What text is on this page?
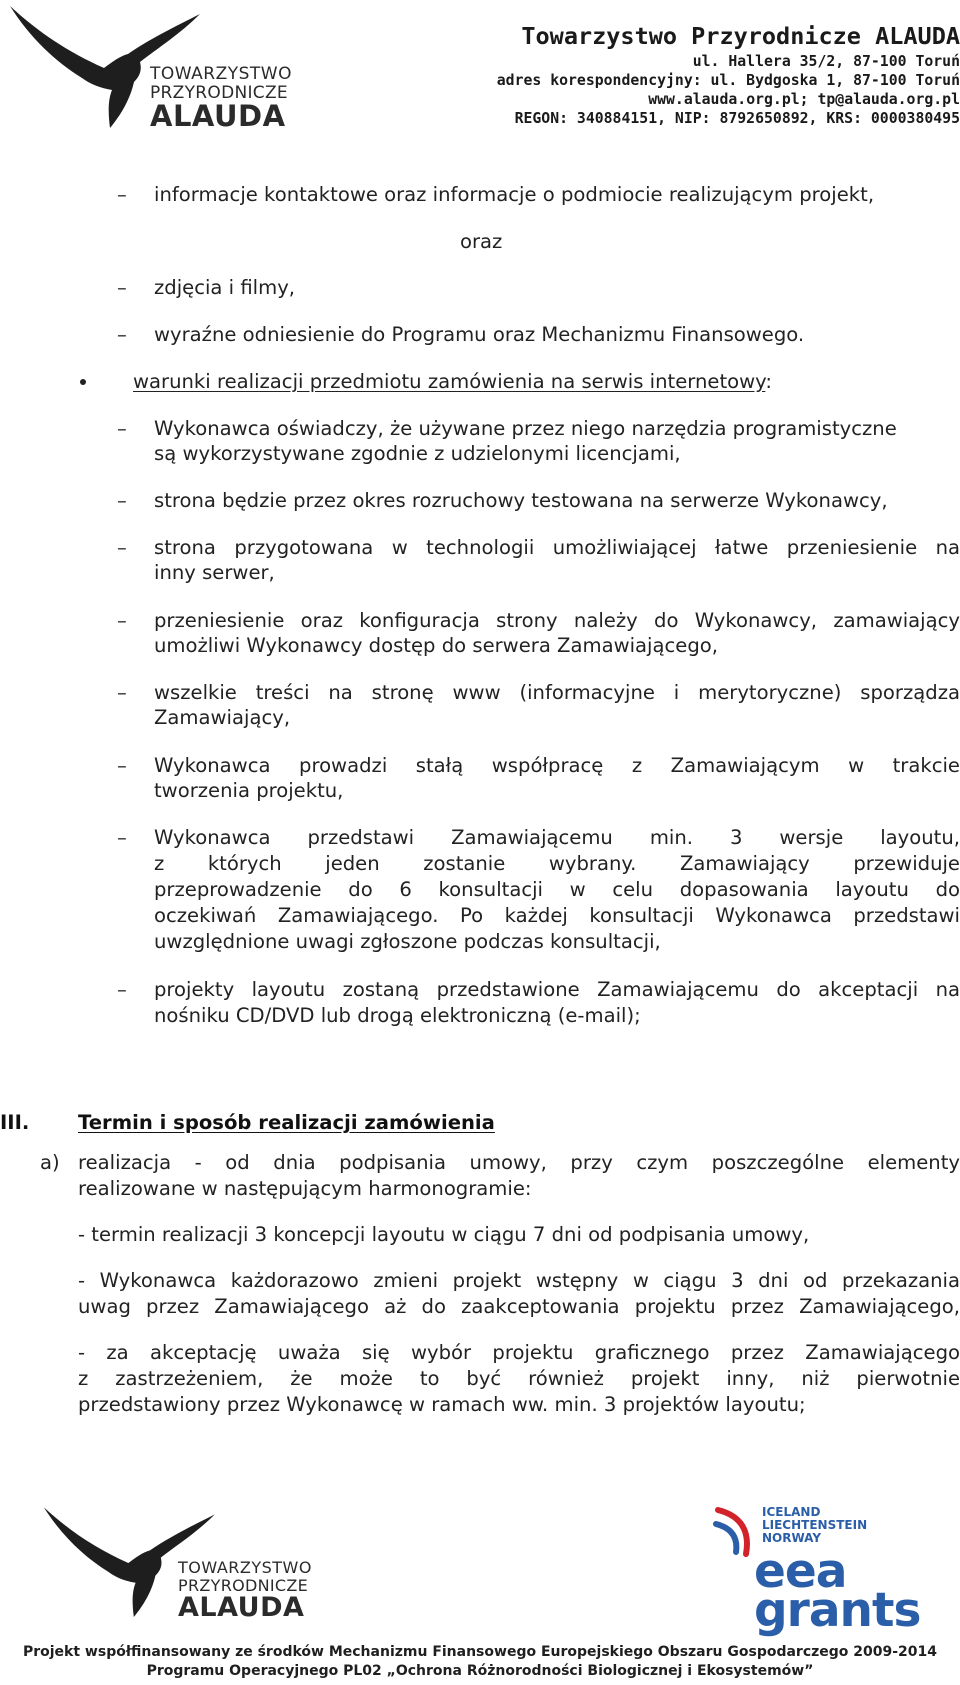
TOWARZYSTWO
PRZYRODNICZE
ALAUDA
Towarzystwo Przyrodnicze ALAUDA
ul. Hallera 35/2, 87-100 Toruń
adres korespondencyjny: ul. Bydgoska 1, 87-100 Toruń
www.alauda.org.pl; tp@alauda.org.pl
REGON: 340884151, NIP: 8792650892, KRS: 0000380495
– informacje kontaktowe oraz informacje o podmiocie realizującym projekt,
oraz
– zdjęcia i filmy,
– wyraźne odniesienie do Programu oraz Mechanizmu Finansowego.
warunki realizacji przedmiotu zamówienia na serwis internetowy:
– Wykonawca oświadczy, że używane przez niego narzędzia programistyczne
są wykorzystywane zgodnie z udzielonymi licencjami,
– strona będzie przez okres rozruchowy testowana na serwerze Wykonawcy,
– strona przygotowana w technologii umożliwiającej łatwe przeniesienie na
inny serwer,
– przeniesienie oraz konfiguracja strony należy do Wykonawcy, zamawiający
umożliwi Wykonawcy dostęp do serwera Zamawiającego,
– wszelkie treści na stronę www (informacyjne i merytoryczne) sporządza
Zamawiający,
– Wykonawca prowadzi stałą współpracę z Zamawiającym w trakcie
tworzenia projektu,
– Wykonawca przedstawi Zamawiającemu min. 3 wersje layoutu,
z których jeden zostanie wybrany. Zamawiający przewiduje
przeprowadzenie do 6 konsultacji w celu dopasowania layoutu do
oczekiwań Zamawiającego. Po każdej konsultacji Wykonawca przedstawi
uwzględnione uwagi zgłoszone podczas konsultacji,
– projekty layoutu zostaną przedstawione Zamawiającemu do akceptacji na
nośniku CD/DVD lub drogą elektroniczną (e-mail);
III. Termin i sposób realizacji zamówienia
a) realizacja - od dnia podpisania umowy, przy czym poszczególne elementy
realizowane w następującym harmonogramie:
- termin realizacji 3 koncepcji layoutu w ciągu 7 dni od podpisania umowy,
- Wykonawca każdorazowo zmieni projekt wstępny w ciągu 3 dni od przekazania
uwag przez Zamawiającego aż do zaakceptowania projektu przez Zamawiającego,
- za akceptację uważa się wybór projektu graficznego przez Zamawiającego
z zastrzeżeniem, że może to być również projekt inny, niż pierwotnie
przedstawiony przez Wykonawcę w ramach ww. min. 3 projektów layoutu;
TOWARZYSTWO
PRZYRODNICZE
ALAUDA
ICELAND
LIECHTENSTEIN
NORWAY
eea
grants
Projekt współfinansowany ze środków Mechanizmu Finansowego Europejskiego Obszaru Gospodarczego 2009-2014
Programu Operacyjnego PL02 „Ochrona Różnorodności Biologicznej i Ekosystemów”
